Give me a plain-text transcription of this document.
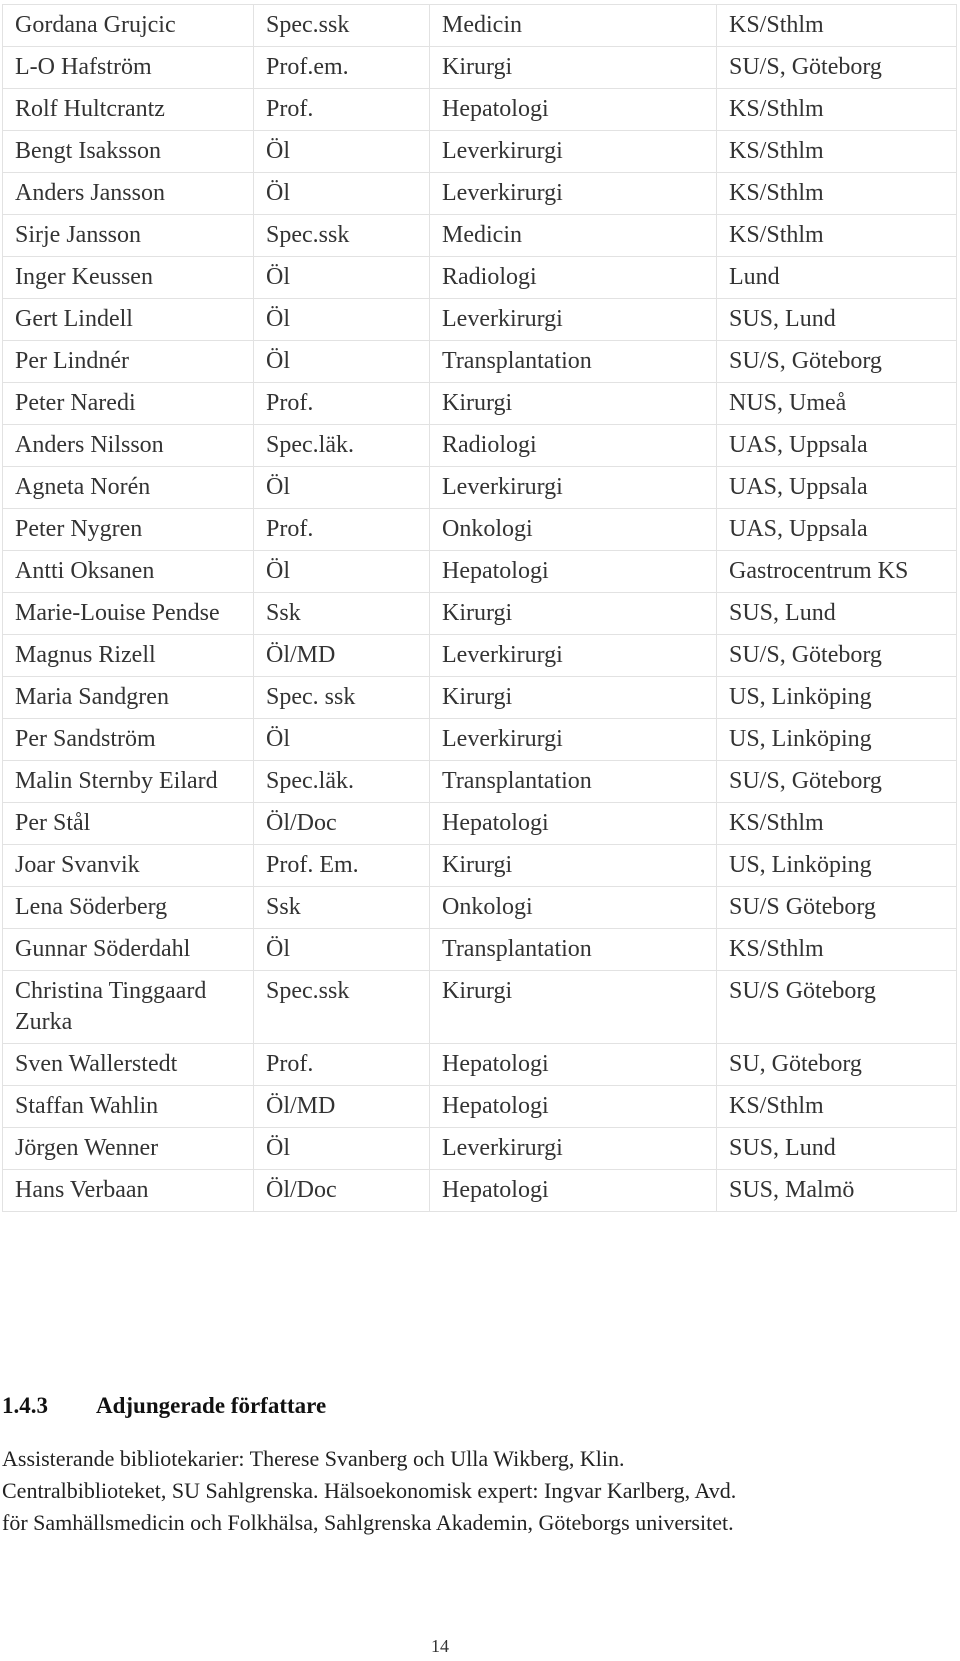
Gordana Grujcic	Spec.ssk	Medicin	KS/Sthlm
L-O Hafström	Prof.em.	Kirurgi	SU/S, Göteborg
Rolf Hultcrantz	Prof.	Hepatologi	KS/Sthlm
Bengt Isaksson	Öl	Leverkirurgi	KS/Sthlm
Anders Jansson	Öl	Leverkirurgi	KS/Sthlm
Sirje Jansson	Spec.ssk	Medicin	KS/Sthlm
Inger Keussen	Öl	Radiologi	Lund
Gert Lindell	Öl	Leverkirurgi	SUS, Lund
Per Lindnér	Öl	Transplantation	SU/S, Göteborg
Peter Naredi	Prof.	Kirurgi	NUS, Umeå
Anders Nilsson	Spec.läk.	Radiologi	UAS, Uppsala
Agneta Norén	Öl	Leverkirurgi	UAS, Uppsala
Peter Nygren	Prof.	Onkologi	UAS, Uppsala
Antti Oksanen	Öl	Hepatologi	Gastrocentrum KS
Marie-Louise Pendse	Ssk	Kirurgi	SUS, Lund
Magnus Rizell	Öl/MD	Leverkirurgi	SU/S, Göteborg
Maria Sandgren	Spec. ssk	Kirurgi	US, Linköping
Per Sandström	Öl	Leverkirurgi	US, Linköping
Malin Sternby Eilard	Spec.läk.	Transplantation	SU/S, Göteborg
Per Stål	Öl/Doc	Hepatologi	KS/Sthlm
Joar Svanvik	Prof. Em.	Kirurgi	US, Linköping
Lena Söderberg	Ssk	Onkologi	SU/S Göteborg
Gunnar Söderdahl	Öl	Transplantation	KS/Sthlm
Christina Tinggaard Zurka	Spec.ssk	Kirurgi	SU/S Göteborg
Sven Wallerstedt	Prof.	Hepatologi	SU, Göteborg
Staffan Wahlin	Öl/MD	Hepatologi	KS/Sthlm
Jörgen Wenner	Öl	Leverkirurgi	SUS, Lund
Hans Verbaan	Öl/Doc	Hepatologi	SUS, Malmö
1.4.3 Adjungerade författare

Assisterande bibliotekarier: Therese Svanberg och Ulla Wikberg, Klin.
Centralbiblioteket, SU Sahlgrenska. Hälsoekonomisk expert: Ingvar Karlberg, Avd.
för Samhällsmedicin och Folkhälsa, Sahlgrenska Akademin, Göteborgs universitet.

14
